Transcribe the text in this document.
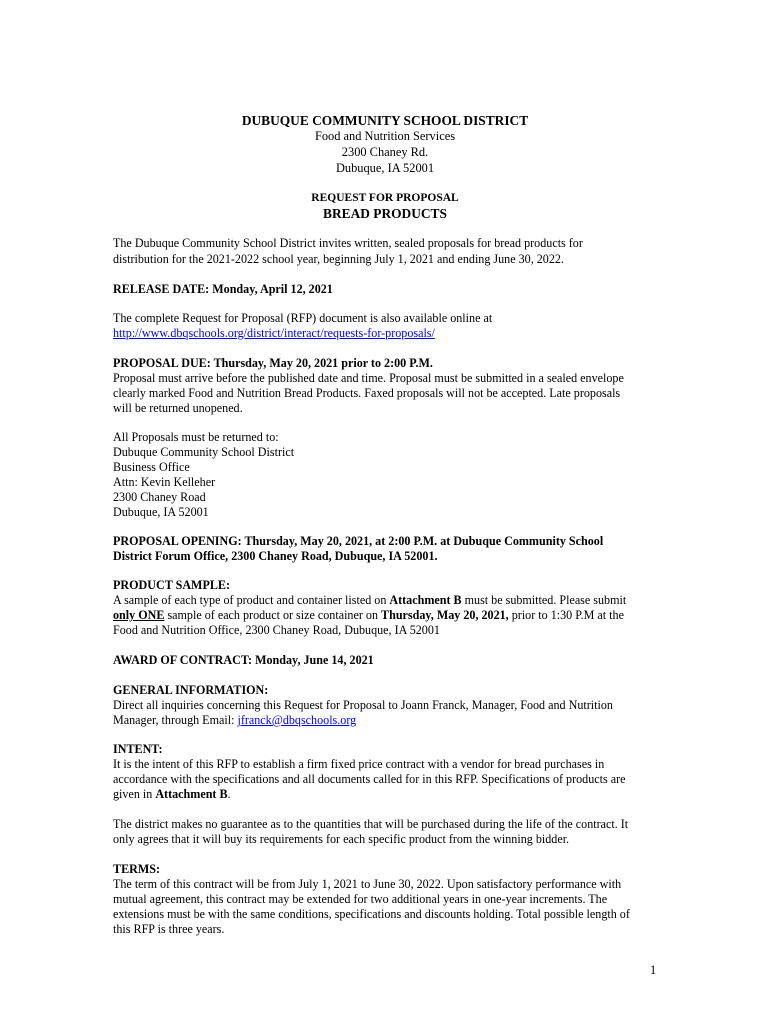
DUBUQUE COMMUNITY SCHOOL DISTRICT
Food and Nutrition Services
2300 Chaney Rd.
Dubuque, IA 52001
REQUEST FOR PROPOSAL
BREAD PRODUCTS
The Dubuque Community School District invites written, sealed proposals for bread products for
distribution for the 2021-2022 school year, beginning July 1, 2021 and ending June 30, 2022.
RELEASE DATE: Monday, April 12, 2021
The complete Request for Proposal (RFP) document is also available online at
http://www.dbqschools.org/district/interact/requests-for-proposals/
PROPOSAL DUE: Thursday, May 20, 2021 prior to 2:00 P.M.
Proposal must arrive before the published date and time. Proposal must be submitted in a sealed envelope
clearly marked Food and Nutrition Bread Products. Faxed proposals will not be accepted. Late proposals
will be returned unopened.
All Proposals must be returned to:
Dubuque Community School District
Business Office
Attn: Kevin Kelleher
2300 Chaney Road
Dubuque, IA 52001
PROPOSAL OPENING: Thursday, May 20, 2021, at 2:00 P.M. at Dubuque Community School
District Forum Office, 2300 Chaney Road, Dubuque, IA 52001.
PRODUCT SAMPLE:
A sample of each type of product and container listed on Attachment B must be submitted. Please submit
only ONE sample of each product or size container on Thursday, May 20, 2021, prior to 1:30 P.M at the
Food and Nutrition Office, 2300 Chaney Road, Dubuque, IA 52001
AWARD OF CONTRACT: Monday, June 14, 2021
GENERAL INFORMATION:
Direct all inquiries concerning this Request for Proposal to Joann Franck, Manager, Food and Nutrition
Manager, through Email: jfranck@dbqschools.org
INTENT:
It is the intent of this RFP to establish a firm fixed price contract with a vendor for bread purchases in
accordance with the specifications and all documents called for in this RFP. Specifications of products are
given in Attachment B.
The district makes no guarantee as to the quantities that will be purchased during the life of the contract. It
only agrees that it will buy its requirements for each specific product from the winning bidder.
TERMS:
The term of this contract will be from July 1, 2021 to June 30, 2022. Upon satisfactory performance with
mutual agreement, this contract may be extended for two additional years in one-year increments. The
extensions must be with the same conditions, specifications and discounts holding. Total possible length of
this RFP is three years.
1
